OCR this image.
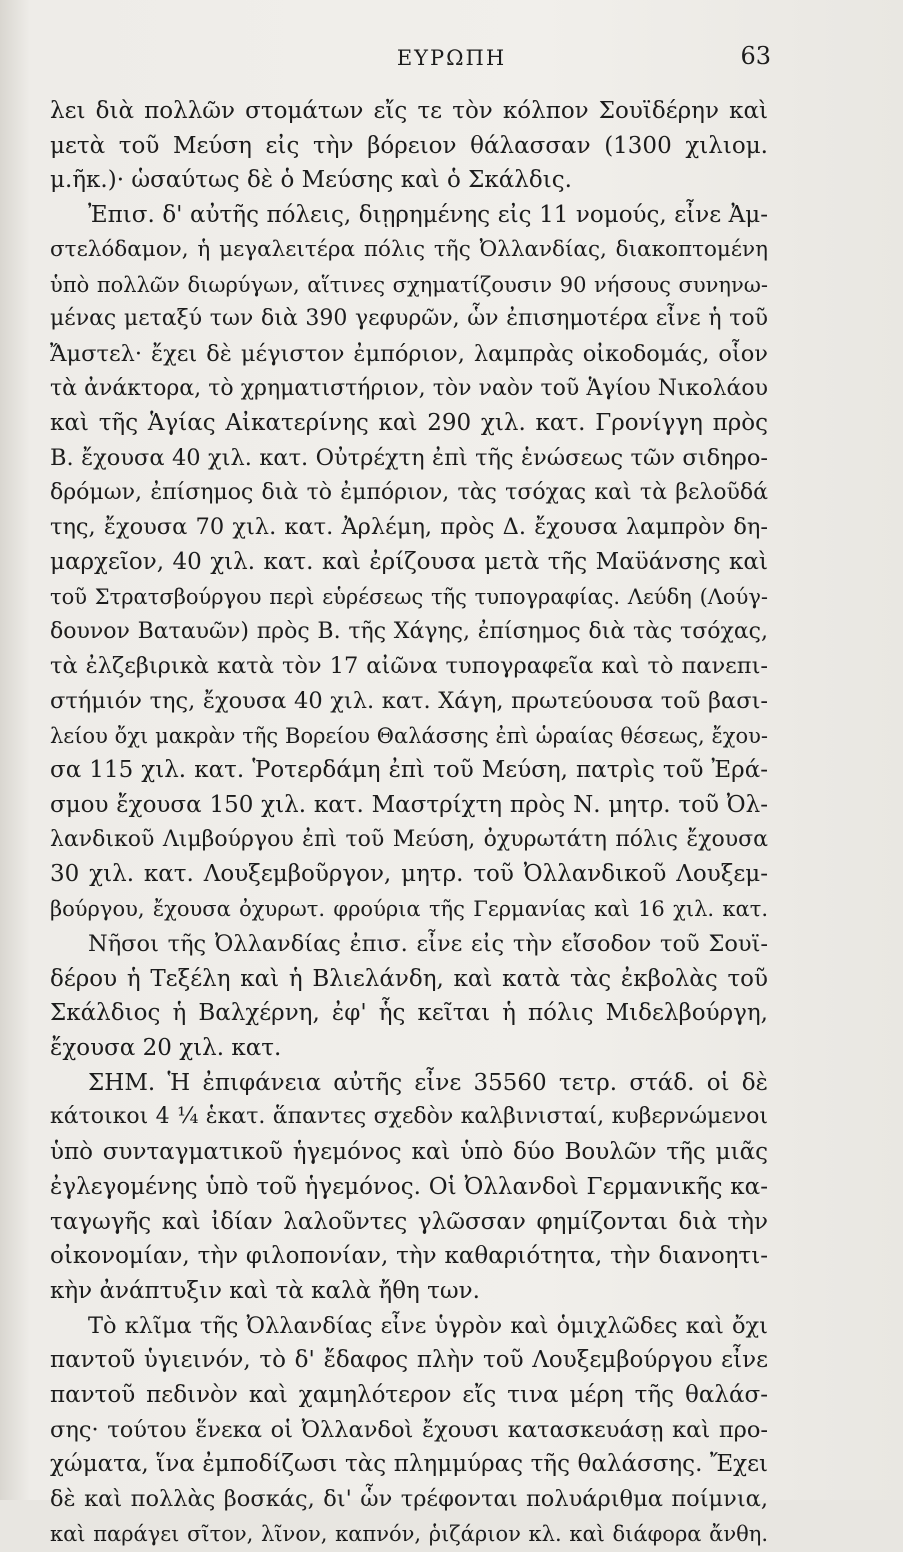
ΕΥΡΩΠΗ	63
λει διὰ πολλῶν στομάτων εἴς τε τὸν κόλπον Σουϊδέρην καὶ
μετὰ τοῦ Μεύση εἰς τὴν βόρειον θάλασσαν (1300 χιλιομ.
μ.ῆκ.)· ὡσαύτως δὲ ὁ Μεύσης καὶ ὁ Σκάλδις.
Ἐπισ. δ' αὐτῆς πόλεις, διῃρημένης εἰς 11 νομούς, εἶνε Ἀμ-
στελόδαμον, ἡ μεγαλειτέρα πόλις τῆς Ὀλλανδίας, διακοπτομένη
ὑπὸ πολλῶν διωρύγων, αἵτινες σχηματίζουσιν 90 νήσους συνηνω-
μένας μεταξύ των διὰ 390 γεφυρῶν, ὧν ἐπισημοτέρα εἶνε ἡ τοῦ
Ἄμστελ· ἔχει δὲ μέγιστον ἐμπόριον, λαμπρὰς οἰκοδομάς, οἷον
τὰ ἀνάκτορα, τὸ χρηματιστήριον, τὸν ναὸν τοῦ Ἁγίου Νικολάου
καὶ τῆς Ἁγίας Αἰκατερίνης καὶ 290 χιλ. κατ. Γρονίγγη πρὸς
Β. ἔχουσα 40 χιλ. κατ. Οὐτρέχτη ἐπὶ τῆς ἑνώσεως τῶν σιδηρο-
δρόμων, ἐπίσημος διὰ τὸ ἐμπόριον, τὰς τσόχας καὶ τὰ βελοῦδά
της, ἔχουσα 70 χιλ. κατ. Ἀρλέμη, πρὸς Δ. ἔχουσα λαμπρὸν δη-
μαρχεῖον, 40 χιλ. κατ. καὶ ἐρίζουσα μετὰ τῆς Μαϋάνσης καὶ
τοῦ Στρατσβούργου περὶ εὑρέσεως τῆς τυπογραφίας. Λεύδη (Λούγ-
δουνον Βαταυῶν) πρὸς Β. τῆς Χάγης, ἐπίσημος διὰ τὰς τσόχας,
τὰ ἐλζεβιρικὰ κατὰ τὸν 17 αἰῶνα τυπογραφεῖα καὶ τὸ πανεπι-
στήμιόν της, ἔχουσα 40 χιλ. κατ. Χάγη, πρωτεύουσα τοῦ βασι-
λείου ὄχι μακρὰν τῆς Βορείου Θαλάσσης ἐπὶ ὡραίας θέσεως, ἔχου-
σα 115 χιλ. κατ. Ῥοτερδάμη ἐπὶ τοῦ Μεύση, πατρὶς τοῦ Ἐρά-
σμου ἔχουσα 150 χιλ. κατ. Μαστρίχτη πρὸς Ν. μητρ. τοῦ Ὀλ-
λανδικοῦ Λιμβούργου ἐπὶ τοῦ Μεύση, ὀχυρωτάτη πόλις ἔχουσα
30 χιλ. κατ. Λουξεμβοῦργον, μητρ. τοῦ Ὀλλανδικοῦ Λουξεμ-
βούργου, ἔχουσα ὀχυρωτ. φρούρια τῆς Γερμανίας καὶ 16 χιλ. κατ.
Νῆσοι τῆς Ὀλλανδίας ἐπισ. εἶνε εἰς τὴν εἴσοδον τοῦ Σουϊ-
δέρου ἡ Τεξέλη καὶ ἡ Βλιελάνδη, καὶ κατὰ τὰς ἐκβολὰς τοῦ
Σκάλδιος ἡ Βαλχέρνη, ἐφ' ἧς κεῖται ἡ πόλις Μιδελβούργη,
ἔχουσα 20 χιλ. κατ.
ΣΗΜ. Ἡ ἐπιφάνεια αὐτῆς εἶνε 35560 τετρ. στάδ. οἱ δὲ
κάτοικοι 4 ¼ ἑκατ. ἅπαντες σχεδὸν καλβινισταί, κυβερνώμενοι
ὑπὸ συνταγματικοῦ ἡγεμόνος καὶ ὑπὸ δύο Βουλῶν τῆς μιᾶς
ἐγλεγομένης ὑπὸ τοῦ ἡγεμόνος. Οἱ Ὀλλανδοὶ Γερμανικῆς κα-
ταγωγῆς καὶ ἰδίαν λαλοῦντες γλῶσσαν φημίζονται διὰ τὴν
οἰκονομίαν, τὴν φιλοπονίαν, τὴν καθαριότητα, τὴν διανοητι-
κὴν ἀνάπτυξιν καὶ τὰ καλὰ ἤθη των.
Τὸ κλῖμα τῆς Ὀλλανδίας εἶνε ὑγρὸν καὶ ὁμιχλῶδες καὶ ὄχι
παντοῦ ὑγιεινόν, τὸ δ' ἔδαφος πλὴν τοῦ Λουξεμβούργου εἶνε
παντοῦ πεδινὸν καὶ χαμηλότερον εἴς τινα μέρη τῆς θαλάσ-
σης· τούτου ἕνεκα οἱ Ὀλλανδοὶ ἔχουσι κατασκευάσῃ καὶ προ-
χώματα, ἵνα ἐμποδίζωσι τὰς πλημμύρας τῆς θαλάσσης. Ἔχει
δὲ καὶ πολλὰς βοσκάς, δι' ὧν τρέφονται πολυάριθμα ποίμνια,
καὶ παράγει σῖτον, λῖνον, καπνόν, ῥιζάριον κλ. καὶ διάφορα ἄνθη.
